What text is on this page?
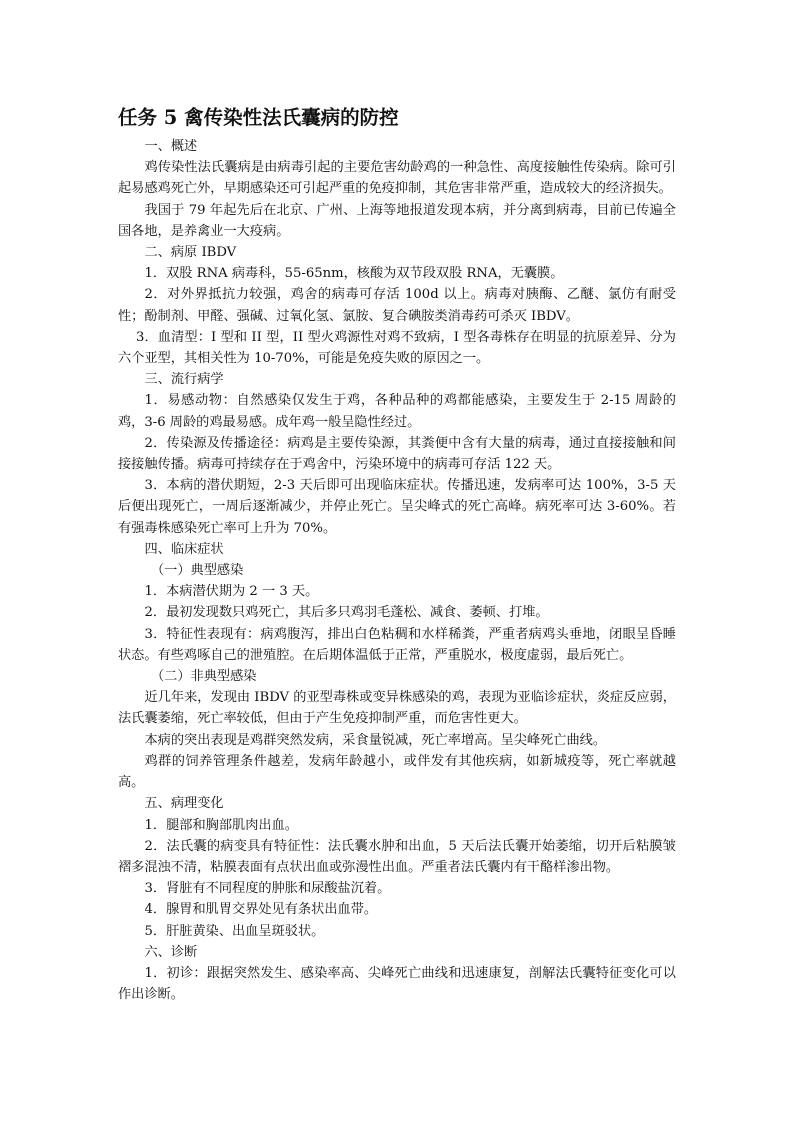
任务 5 禽传染性法氏囊病的防控

一、概述

鸡传染性法氏囊病是由病毒引起的主要危害幼龄鸡的一种急性、高度接触性传染病。除可引起易感鸡死亡外，早期感染还可引起严重的免疫抑制，其危害非常严重，造成较大的经济损失。

我国于 79 年起先后在北京、广州、上海等地报道发现本病，并分离到病毒，目前已传遍全国各地，是养禽业一大疫病。

二、病原 IBDV

1．双股 RNA 病毒科，55-65nm，核酸为双节段双股 RNA，无囊膜。

2．对外界抵抗力较强，鸡舍的病毒可存活 100d 以上。病毒对胰酶、乙醚、氯仿有耐受性；酚制剂、甲醛、强碱、过氧化氢、氯胺、复合碘胺类消毒药可杀灭 IBDV。

3．血清型：I 型和 II 型，II 型火鸡源性对鸡不致病，I 型各毒株存在明显的抗原差异、分为六个亚型，其相关性为 10-70%，可能是免疫失败的原因之一。

三、流行病学

1．易感动物：自然感染仅发生于鸡，各种品种的鸡都能感染，主要发生于 2-15 周龄的鸡，3-6 周龄的鸡最易感。成年鸡一般呈隐性经过。

2．传染源及传播途径：病鸡是主要传染源，其粪便中含有大量的病毒，通过直接接触和间接接触传播。病毒可持续存在于鸡舍中，污染环境中的病毒可存活 122 天。

3．本病的潜伏期短，2-3 天后即可出现临床症状。传播迅速，发病率可达 100%，3-5 天后便出现死亡，一周后逐渐减少，并停止死亡。呈尖峰式的死亡高峰。病死率可达 3-60%。若有强毒株感染死亡率可上升为 70%。

四、临床症状

（一）典型感染

1．本病潜伏期为 2 一 3 天。

2．最初发现数只鸡死亡，其后多只鸡羽毛蓬松、减食、萎顿、打堆。

3．特征性表现有：病鸡腹泻，排出白色粘稠和水样稀粪，严重者病鸡头垂地，闭眼呈昏睡状态。有些鸡啄自己的泄殖腔。在后期体温低于正常，严重脱水，极度虚弱，最后死亡。

（二）非典型感染

近几年来，发现由 IBDV 的亚型毒株或变异株感染的鸡，表现为亚临诊症状，炎症反应弱，法氏囊萎缩，死亡率较低，但由于产生免疫抑制严重，而危害性更大。

本病的突出表现是鸡群突然发病，采食量锐减，死亡率增高。呈尖峰死亡曲线。

鸡群的饲养管理条件越差，发病年龄越小，或伴发有其他疾病，如新城疫等，死亡率就越高。

五、病理变化

1．腿部和胸部肌肉出血。

2．法氏囊的病变具有特征性：法氏囊水肿和出血，5 天后法氏囊开始萎缩，切开后粘膜皱褶多混浊不清，粘膜表面有点状出血或弥漫性出血。严重者法氏囊内有干酪样渗出物。

3．肾脏有不同程度的肿胀和尿酸盐沉着。

4．腺胃和肌胃交界处见有条状出血带。

5．肝脏黄染、出血呈斑驳状。

六、诊断

1．初诊：跟据突然发生、感染率高、尖峰死亡曲线和迅速康复，剖解法氏囊特征变化可以作出诊断。
